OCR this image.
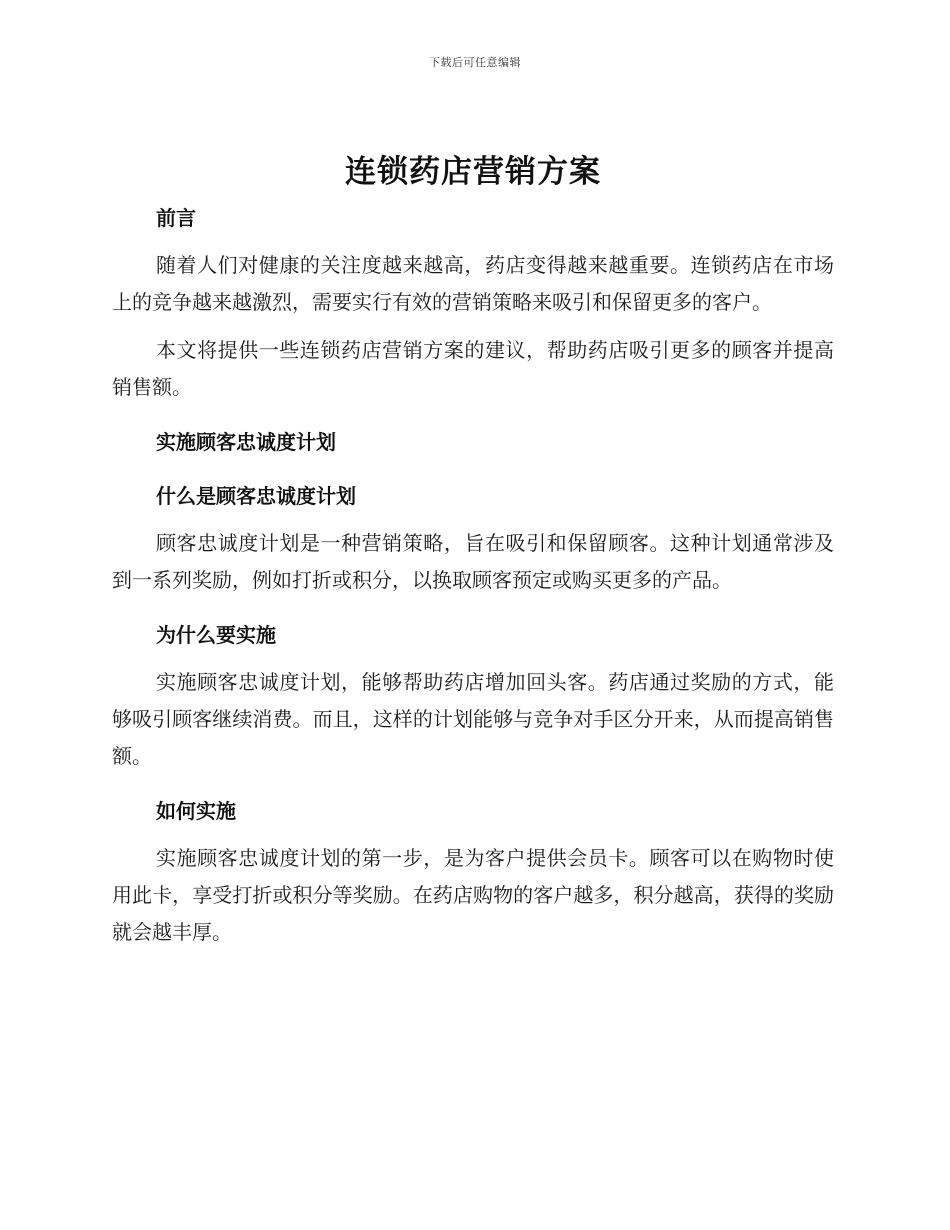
下载后可任意编辑
连锁药店营销方案
前言

随着人们对健康的关注度越来越高，药店变得越来越重要。连锁药店在市场上的竞争越来越激烈，需要实行有效的营销策略来吸引和保留更多的客户。

本文将提供一些连锁药店营销方案的建议，帮助药店吸引更多的顾客并提高销售额。

实施顾客忠诚度计划
什么是顾客忠诚度计划

顾客忠诚度计划是一种营销策略，旨在吸引和保留顾客。这种计划通常涉及到一系列奖励，例如打折或积分，以换取顾客预定或购买更多的产品。

为什么要实施

实施顾客忠诚度计划，能够帮助药店增加回头客。药店通过奖励的方式，能够吸引顾客继续消费。而且，这样的计划能够与竞争对手区分开来，从而提高销售额。

如何实施

实施顾客忠诚度计划的第一步，是为客户提供会员卡。顾客可以在购物时使用此卡，享受打折或积分等奖励。在药店购物的客户越多，积分越高，获得的奖励就会越丰厚。
